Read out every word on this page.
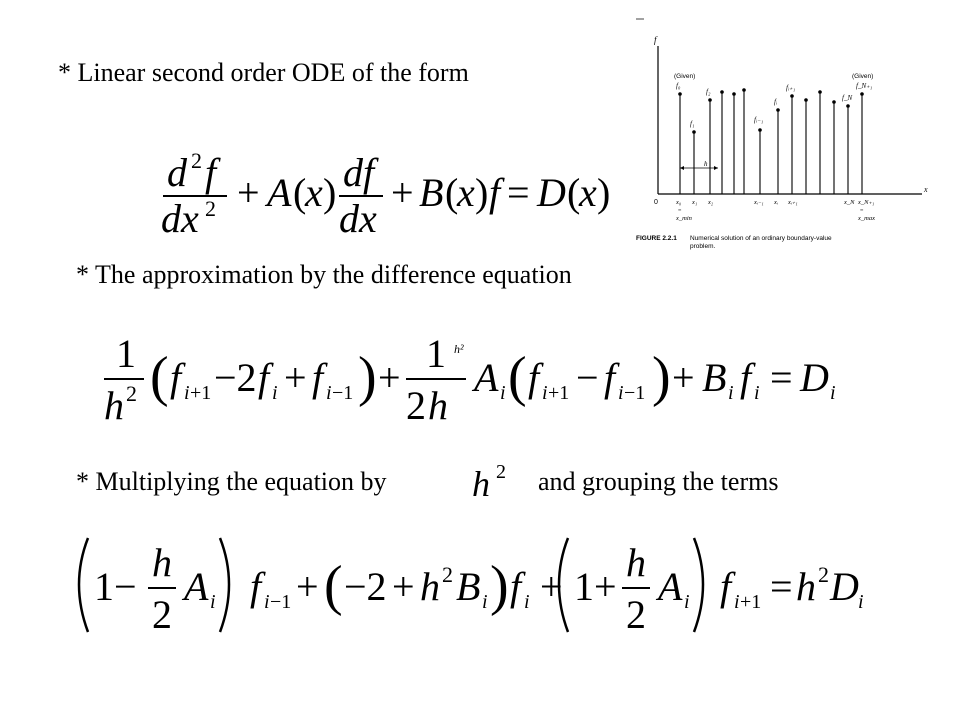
* Linear second order ODE of the form
* The approximation by the difference equation
* Multiplying the equation by	and grouping the terms
h 2
d 2 f
dx 2 + A (
x ) df
dx
+ B (
x ) f = D (
x )
1
h 2 ( f i +1 −2 f i + f i −1 ) +
1 h²
2 h
A i ( f i +1 − f i −1 ) + B i f i = D i
1−
h
2
A i f i −1 + ( −2 + h 2 B i ) f i + 1+
h
2
A i f i +1 = h 2 D i
f
x
0
(Given)	(Given)
f₀
f₁
f₂
fᵢ₋₁
fᵢ
fᵢ₊₁
f_N
f_N₊₁
h
x₀ x₁ x₂	xᵢ₋₁ xᵢ xᵢ₊₁	x_N x_N₊₁
x_min	x_max
=	=
FIGURE 2.2.1 Numerical solution of an ordinary boundary-value
problem.
